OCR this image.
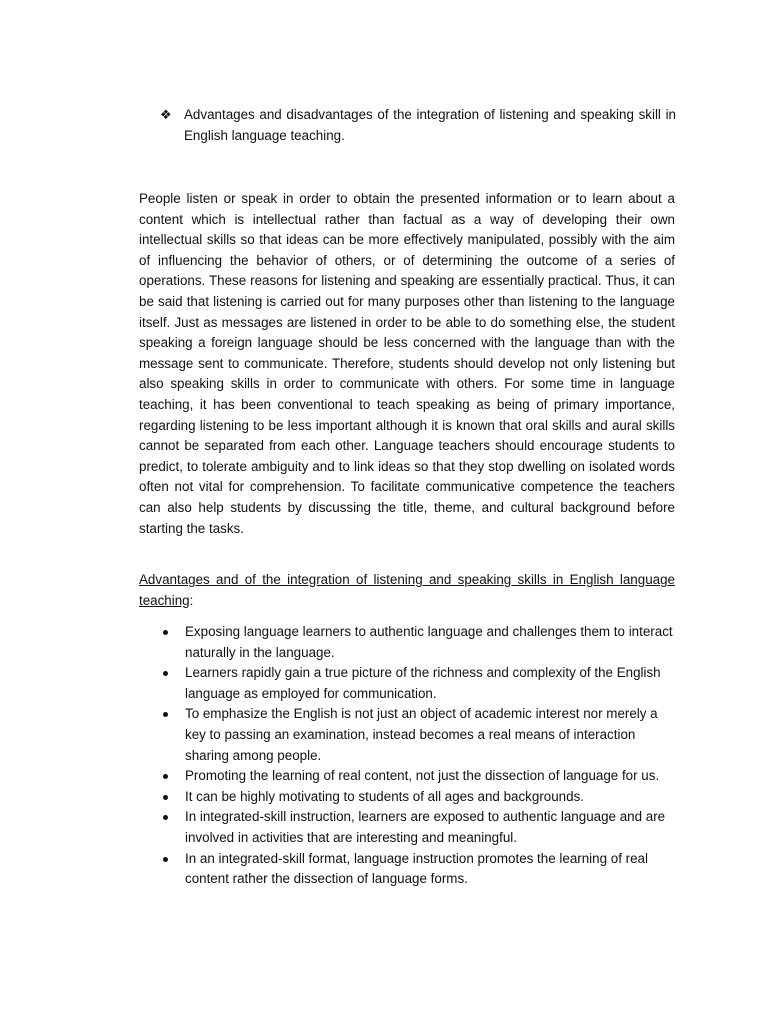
❖ Advantages and disadvantages of the integration of listening and speaking skill in English language teaching.

People listen or speak in order to obtain the presented information or to learn about a content which is intellectual rather than factual as a way of developing their own intellectual skills so that ideas can be more effectively manipulated, possibly with the aim of influencing the behavior of others, or of determining the outcome of a series of operations. These reasons for listening and speaking are essentially practical. Thus, it can be said that listening is carried out for many purposes other than listening to the language itself. Just as messages are listened in order to be able to do something else, the student speaking a foreign language should be less concerned with the language than with the message sent to communicate. Therefore, students should develop not only listening but also speaking skills in order to communicate with others. For some time in language teaching, it has been conventional to teach speaking as being of primary importance, regarding listening to be less important although it is known that oral skills and aural skills cannot be separated from each other. Language teachers should encourage students to predict, to tolerate ambiguity and to link ideas so that they stop dwelling on isolated words often not vital for comprehension. To facilitate communicative competence the teachers can also help students by discussing the title, theme, and cultural background before starting the tasks.

Advantages and of the integration of listening and speaking skills in English language teaching:

Exposing language learners to authentic language and challenges them to interact naturally in the language.
Learners rapidly gain a true picture of the richness and complexity of the English language as employed for communication.
To emphasize the English is not just an object of academic interest nor merely a key to passing an examination, instead becomes a real means of interaction sharing among people.
Promoting the learning of real content, not just the dissection of language for us.
It can be highly motivating to students of all ages and backgrounds.
In integrated-skill instruction, learners are exposed to authentic language and are involved in activities that are interesting and meaningful.
In an integrated-skill format, language instruction promotes the learning of real content rather the dissection of language forms.
